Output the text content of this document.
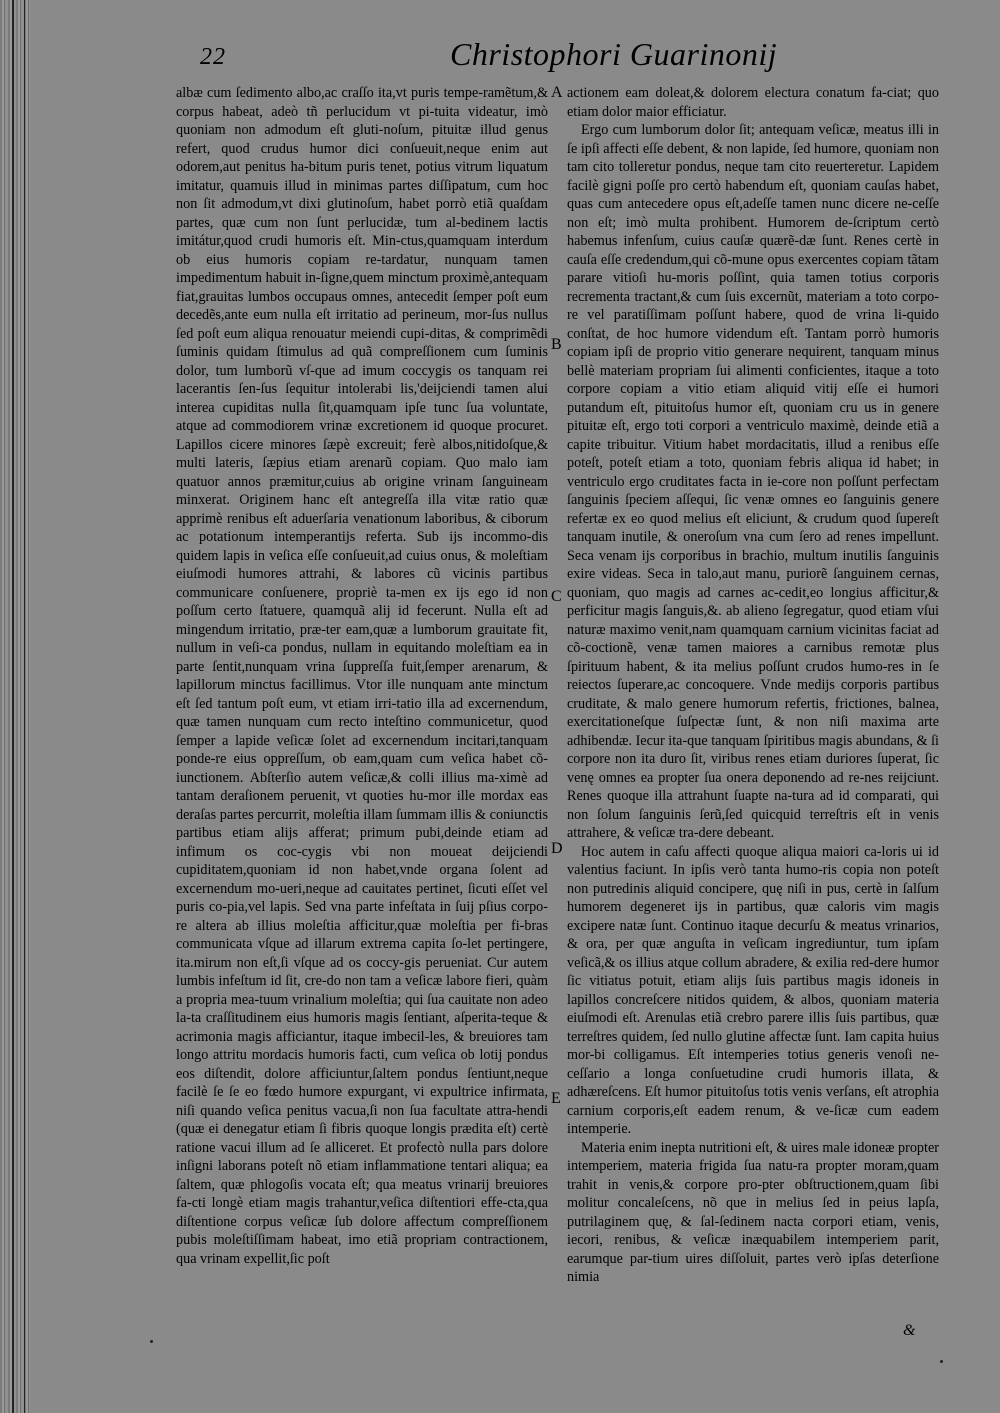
22	Christophori Guarinonij

albæ cum ſedimento albo,ac craſſo ita,vt puris tempe-ramẽtum,& corpus habeat, adeò tñ perlucidum vt pi-tuita videatur, imò quoniam non admodum eſt gluti-noſum, pituitæ illud genus refert, quod crudus humor dici conſueuit,neque enim aut odorem,aut penitus ha-bitum puris tenet, potius vitrum liquatum imitatur, quamuis illud in minimas partes diſſipatum, cum hoc non ſit admodum,vt dixi glutinoſum, habet porrò etiã quaſdam partes, quæ cum non ſunt perlucidæ, tum al-bedinem lactis imitátur,quod crudi humoris eſt. Min-ctus,quamquam interdum ob eius humoris copiam re-tardatur, nunquam tamen impedimentum habuit in-ſigne,quem minctum proximè,antequam fiat,grauitas lumbos occupaus omnes, antecedit ſemper poſt eum decedẽs,ante eum nulla eſt irritatio ad perineum, mor-ſus nullus ſed poſt eum aliqua renouatur meiendi cupi-ditas, & comprimẽdi ſuminis quidam ſtimulus ad quã compreſſionem cum ſuminis dolor, tum lumborũ vſ-que ad imum coccygis os tanquam rei lacerantis ſen-ſus ſequitur intolerabi lis,'deijciendi tamen alui interea cupiditas nulla ſit,quamquam ipſe tunc ſua voluntate, atque ad commodiorem vrinæ excretionem id quoque procuret. Lapillos cicere minores ſæpè excreuit; ferè albos,nitidoſque,& multi lateris, ſæpius etiam arenarũ copiam. Quo malo iam quatuor annos præmitur,cuius ab origine vrinam ſanguineam minxerat. Originem hanc eſt antegreſſa illa vitæ ratio quæ apprimè renibus eſt aduerſaria venationum laboribus, & ciborum ac potationum intemperantijs referta. Sub ijs incommo-dis quidem lapis in veſica eſſe conſueuit,ad cuius onus, & moleſtiam eiuſmodi humores attrahi, & labores cũ vicinis partibus communicare conſuenere, propriè ta-men ex ijs ego id non poſſum certo ſtatuere, quamquã alij id fecerunt. Nulla eſt ad mingendum irritatio, præ-ter eam,quæ a lumborum grauitate fit, nullum in veſi-ca pondus, nullam in equitando moleſtiam ea in parte ſentit,nunquam vrina ſuppreſſa fuit,ſemper arenarum, & lapillorum minctus facillimus. Vtor ille nunquam ante minctum eſt ſed tantum poſt eum, vt etiam irri-tatio illa ad excernendum, quæ tamen nunquam cum recto inteſtino communicetur, quod ſemper a lapide veſicæ ſolet ad excernendum incitari,tanquam ponde-re eius oppreſſum, ob eam,quam cum veſica habet cõ-iunctionem. Abſterſio autem veſicæ,& colli illius ma-ximè ad tantam deraſionem peruenit, vt quoties hu-mor ille mordax eas deraſas partes percurrit, moleſtia illam ſummam illis & coniunctis partibus etiam alijs afferat; primum pubi,deinde etiam ad infimum os coc-cygis vbi non moueat deijciendi cupiditatem,quoniam id non habet,vnde organa ſolent ad excernendum mo-ueri,neque ad cauitates pertinet, ſicuti eſſet vel puris co-pia,vel lapis. Sed vna parte infeſtata in ſuij pſius corpo-re altera ab illius moleſtia afficitur,quæ moleſtia per fi-bras communicata vſque ad illarum extrema capita ſo-let pertingere, ita.mirum non eſt,ſi vſque ad os coccy-gis perueniat. Cur autem lumbis infeſtum id ſit, cre-do non tam a veſicæ labore fieri, quàm a propria mea-tuum vrinalium moleſtia; qui ſua cauitate non adeo la-ta craſſitudinem eius humoris magis ſentiant, aſperita-teque & acrimonia magis afficiantur, itaque imbecil-les, & breuiores tam longo attritu mordacis humoris facti, cum veſica ob lotij pondus eos diſtendit, dolore afficiuntur,ſaltem pondus ſentiunt,neque facilè ſe ſe eo fœdo humore expurgant, vi expultrice infirmata, niſi quando veſica penitus vacua,ſi non ſua facultate attra-hendi (quæ ei denegatur etiam ſi fibris quoque longis prædita eſt) certè ratione vacui illum ad ſe alliceret. Et profectò nulla pars dolore inſigni laborans poteſt nõ etiam inflammatione tentari aliqua; ea ſaltem, quæ phlogoſis vocata eſt; qua meatus vrinarij breuiores fa-cti longè etiam magis trahantur,veſica diſtentiori effe-cta,qua diſtentione corpus veſicæ ſub dolore affectum compreſſionem pubis moleſtiſſimam habeat, imo etiã propriam contractionem, qua vrinam expellit,ſic poſt

A
B
C
D
E

actionem eam doleat,& dolorem electura conatum fa-ciat; quo etiam dolor maior efficiatur.

Ergo cum lumborum dolor ſit; antequam veſicæ, meatus illi in ſe ipſi affecti eſſe debent, & non lapide, ſed humore, quoniam non tam cito tolleretur pondus, neque tam cito reuerteretur. Lapidem facilè gigni poſſe pro certò habendum eſt, quoniam cauſas habet, quas cum antecedere opus eſt,adeſſe tamen nunc dicere ne-ceſſe non eſt; imò multa prohibent. Humorem de-ſcriptum certò habemus infenſum, cuius cauſæ quærẽ-dæ ſunt. Renes certè in cauſa eſſe credendum,qui cõ-mune opus exercentes copiam tãtam parare vitioſi hu-moris poſſint, quia tamen totius corporis recrementa tractant,& cum ſuis excernũt, materiam a toto corpo-re vel paratiſſimam poſſunt habere, quod de vrina li-quido conſtat, de hoc humore videndum eſt. Tantam porrò humoris copiam ipſi de proprio vitio generare nequirent, tanquam minus bellè materiam propriam ſui alimenti conficientes, itaque a toto corpore copiam a vitio etiam aliquid vitij eſſe ei humori putandum eſt, pituitoſus humor eſt, quoniam cru us in genere pituitæ eſt, ergo toti corpori a ventriculo maximè, deinde etiã a capite tribuitur. Vitium habet mordacitatis, illud a renibus eſſe poteſt, poteſt etiam a toto, quoniam febris aliqua id habet; in ventriculo ergo cruditates facta in ie-core non poſſunt perfectam ſanguinis ſpeciem aſſequi, ſic venæ omnes eo ſanguinis genere refertæ ex eo quod melius eſt eliciunt, & crudum quod ſupereſt tanquam inutile, & oneroſum vna cum ſero ad renes impellunt. Seca venam ijs corporibus in brachio, multum inutilis ſanguinis exire videas. Seca in talo,aut manu, puriorẽ ſanguinem cernas, quoniam, quo magis ad carnes ac-cedit,eo longius afficitur,& perficitur magis ſanguis,&. ab alieno ſegregatur, quod etiam vſui naturæ maximo venit,nam quamquam carnium vicinitas faciat ad cõ-coctionẽ, venæ tamen maiores a carnibus remotæ plus ſpirituum habent, & ita melius poſſunt crudos humo-res in ſe reiectos ſuperare,ac concoquere. Vnde medijs corporis partibus cruditate, & malo genere humorum refertis, frictiones, balnea, exercitationeſque ſuſpectæ ſunt, & non niſi maxima arte adhibendæ. Iecur ita-que tanquam ſpiritibus magis abundans, & ſi corpore non ita duro ſit, viribus renes etiam duriores ſuperat, ſic venę omnes ea propter ſua onera deponendo ad re-nes reijciunt. Renes quoque illa attrahunt ſuapte na-tura ad id comparati, qui non ſolum ſanguinis ſerũ,ſed quicquid terreſtris eſt in venis attrahere, & veſicæ tra-dere debeant.

Hoc autem in caſu affecti quoque aliqua maiori ca-loris ui id valentius faciunt. In ipſis verò tanta humo-ris copia non poteſt non putredinis aliquid concipere, quę niſi in pus, certè in ſalſum humorem degeneret ijs in partibus, quæ caloris vim magis excipere natæ ſunt. Continuo itaque decurſu & meatus vrinarios, & ora, per quæ anguſta in veſicam ingrediuntur, tum ipſam veſicã,& os illius atque collum abradere, & exilia red-dere humor ſic vitiatus potuit, etiam alijs ſuis partibus magis idoneis in lapillos concreſcere nitidos quidem, & albos, quoniam materia eiuſmodi eſt. Arenulas etiã crebro parere illis ſuis partibus, quæ terreſtres quidem, ſed nullo glutine affectæ ſunt. Iam capita huius mor-bi colligamus. Eſt intemperies totius generis venoſi ne-ceſſario a longa conſuetudine crudi humoris illata, & adhæreſcens. Eſt humor pituitoſus totis venis verſans, eſt atrophia carnium corporis,eſt eadem renum, & ve-ſicæ cum eadem intemperie.

Materia enim inepta nutritioni eſt, & uires male idoneæ propter intemperiem, materia frigida ſua natu-ra propter moram,quam trahit in venis,& corpore pro-pter obſtructionem,quam ſibi molitur concaleſcens, nõ que in melius ſed in peius lapſa, putrilaginem quę, & ſal-ſedinem nacta corpori etiam, venis, iecori, renibus, & veſicæ inæquabilem intemperiem parit, earumque par-tium uires diſſoluit, partes verò ipſas deterſione nimia

&
